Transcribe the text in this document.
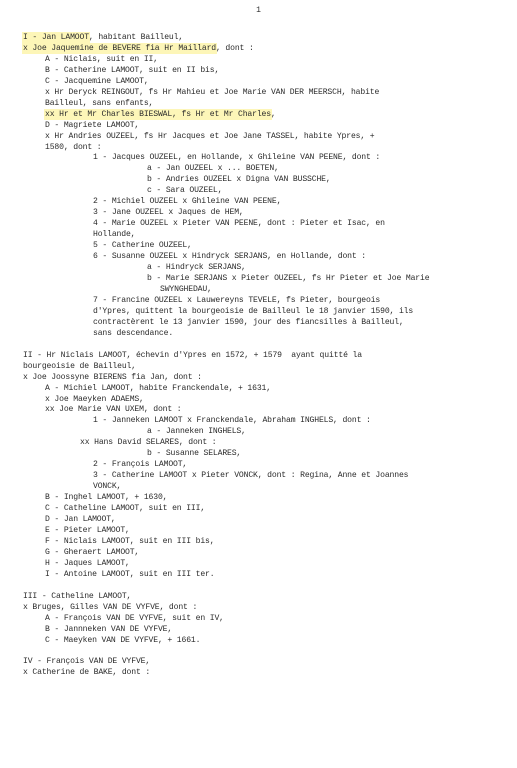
1
I - Jan LAMOOT, habitant Bailleul,
x Joe Jaquemine de BEVERE fia Hr Maillard, dont :
A - Niclais, suit en II,
B - Catherine LAMOOT, suit en II bis,
C - Jacquemine LAMOOT,
x Hr Deryck REINGOUT, fs Hr Mahieu et Joe Marie VAN DER MEERSCH, habite
Bailleul, sans enfants,
xx Hr et Mr Charles BIESWAL, fs Hr et Mr Charles,
D - Magriete LAMOOT,
x Hr Andries OUZEEL, fs Hr Jacques et Joe Jane TASSEL, habite Ypres, +
1580, dont :
1 - Jacques OUZEEL, en Hollande, x Ghileine VAN PEENE, dont :
a - Jan OUZEEL x ... BOETEN,
b - Andries OUZEEL x Digna VAN BUSSCHE,
c - Sara OUZEEL,
2 - Michiel OUZEEL x Ghileine VAN PEENE,
3 - Jane OUZEEL x Jaques de HEM,
4 - Marie OUZEEL x Pieter VAN PEENE, dont : Pieter et Isac, en
Hollande,
5 - Catherine OUZEEL,
6 - Susanne OUZEEL x Hindryck SERJANS, en Hollande, dont :
a - Hindryck SERJANS,
b - Marie SERJANS x Pieter OUZEEL, fs Hr Pieter et Joe Marie
SWYNGHEDAU,
7 - Francine OUZEEL x Lauwereyns TEVELE, fs Pieter, bourgeois
d'Ypres, quittent la bourgeoisie de Bailleul le 18 janvier 1590, ils
contractèrent le 13 janvier 1590, jour des fiancsilles à Bailleul,
sans descendance.
II - Hr Niclais LAMOOT, échevin d'Ypres en 1572, + 1579  ayant quitté la
bourgeoisie de Bailleul,
x Joe Joossyne BIERENS fia Jan, dont :
A - Michiel LAMOOT, habite Franckendale, + 1631,
x Joe Maeyken ADAEMS,
xx Joe Marie VAN UXEM, dont :
1 - Janneken LAMOOT x Franckendale, Abraham INGHELS, dont :
a - Janneken INGHELS,
xx Hans David SELARES, dont :
b - Susanne SELARES,
2 - François LAMOOT,
3 - Catherine LAMOOT x Pieter VONCK, dont : Regina, Anne et Joannes
VONCK,
B - Inghel LAMOOT, + 1630,
C - Catheline LAMOOT, suit en III,
D - Jan LAMOOT,
E - Pieter LAMOOT,
F - Niclais LAMOOT, suit en III bis,
G - Gheraert LAMOOT,
H - Jaques LAMOOT,
I - Antoine LAMOOT, suit en III ter.
III - Catheline LAMOOT,
x Bruges, Gilles VAN DE VYFVE, dont :
A - François VAN DE VYFVE, suit en IV,
B - Jannneken VAN DE VYFVE,
C - Maeyken VAN DE VYFVE, + 1661.
IV - François VAN DE VYFVE,
x Catherine de BAKE, dont :
